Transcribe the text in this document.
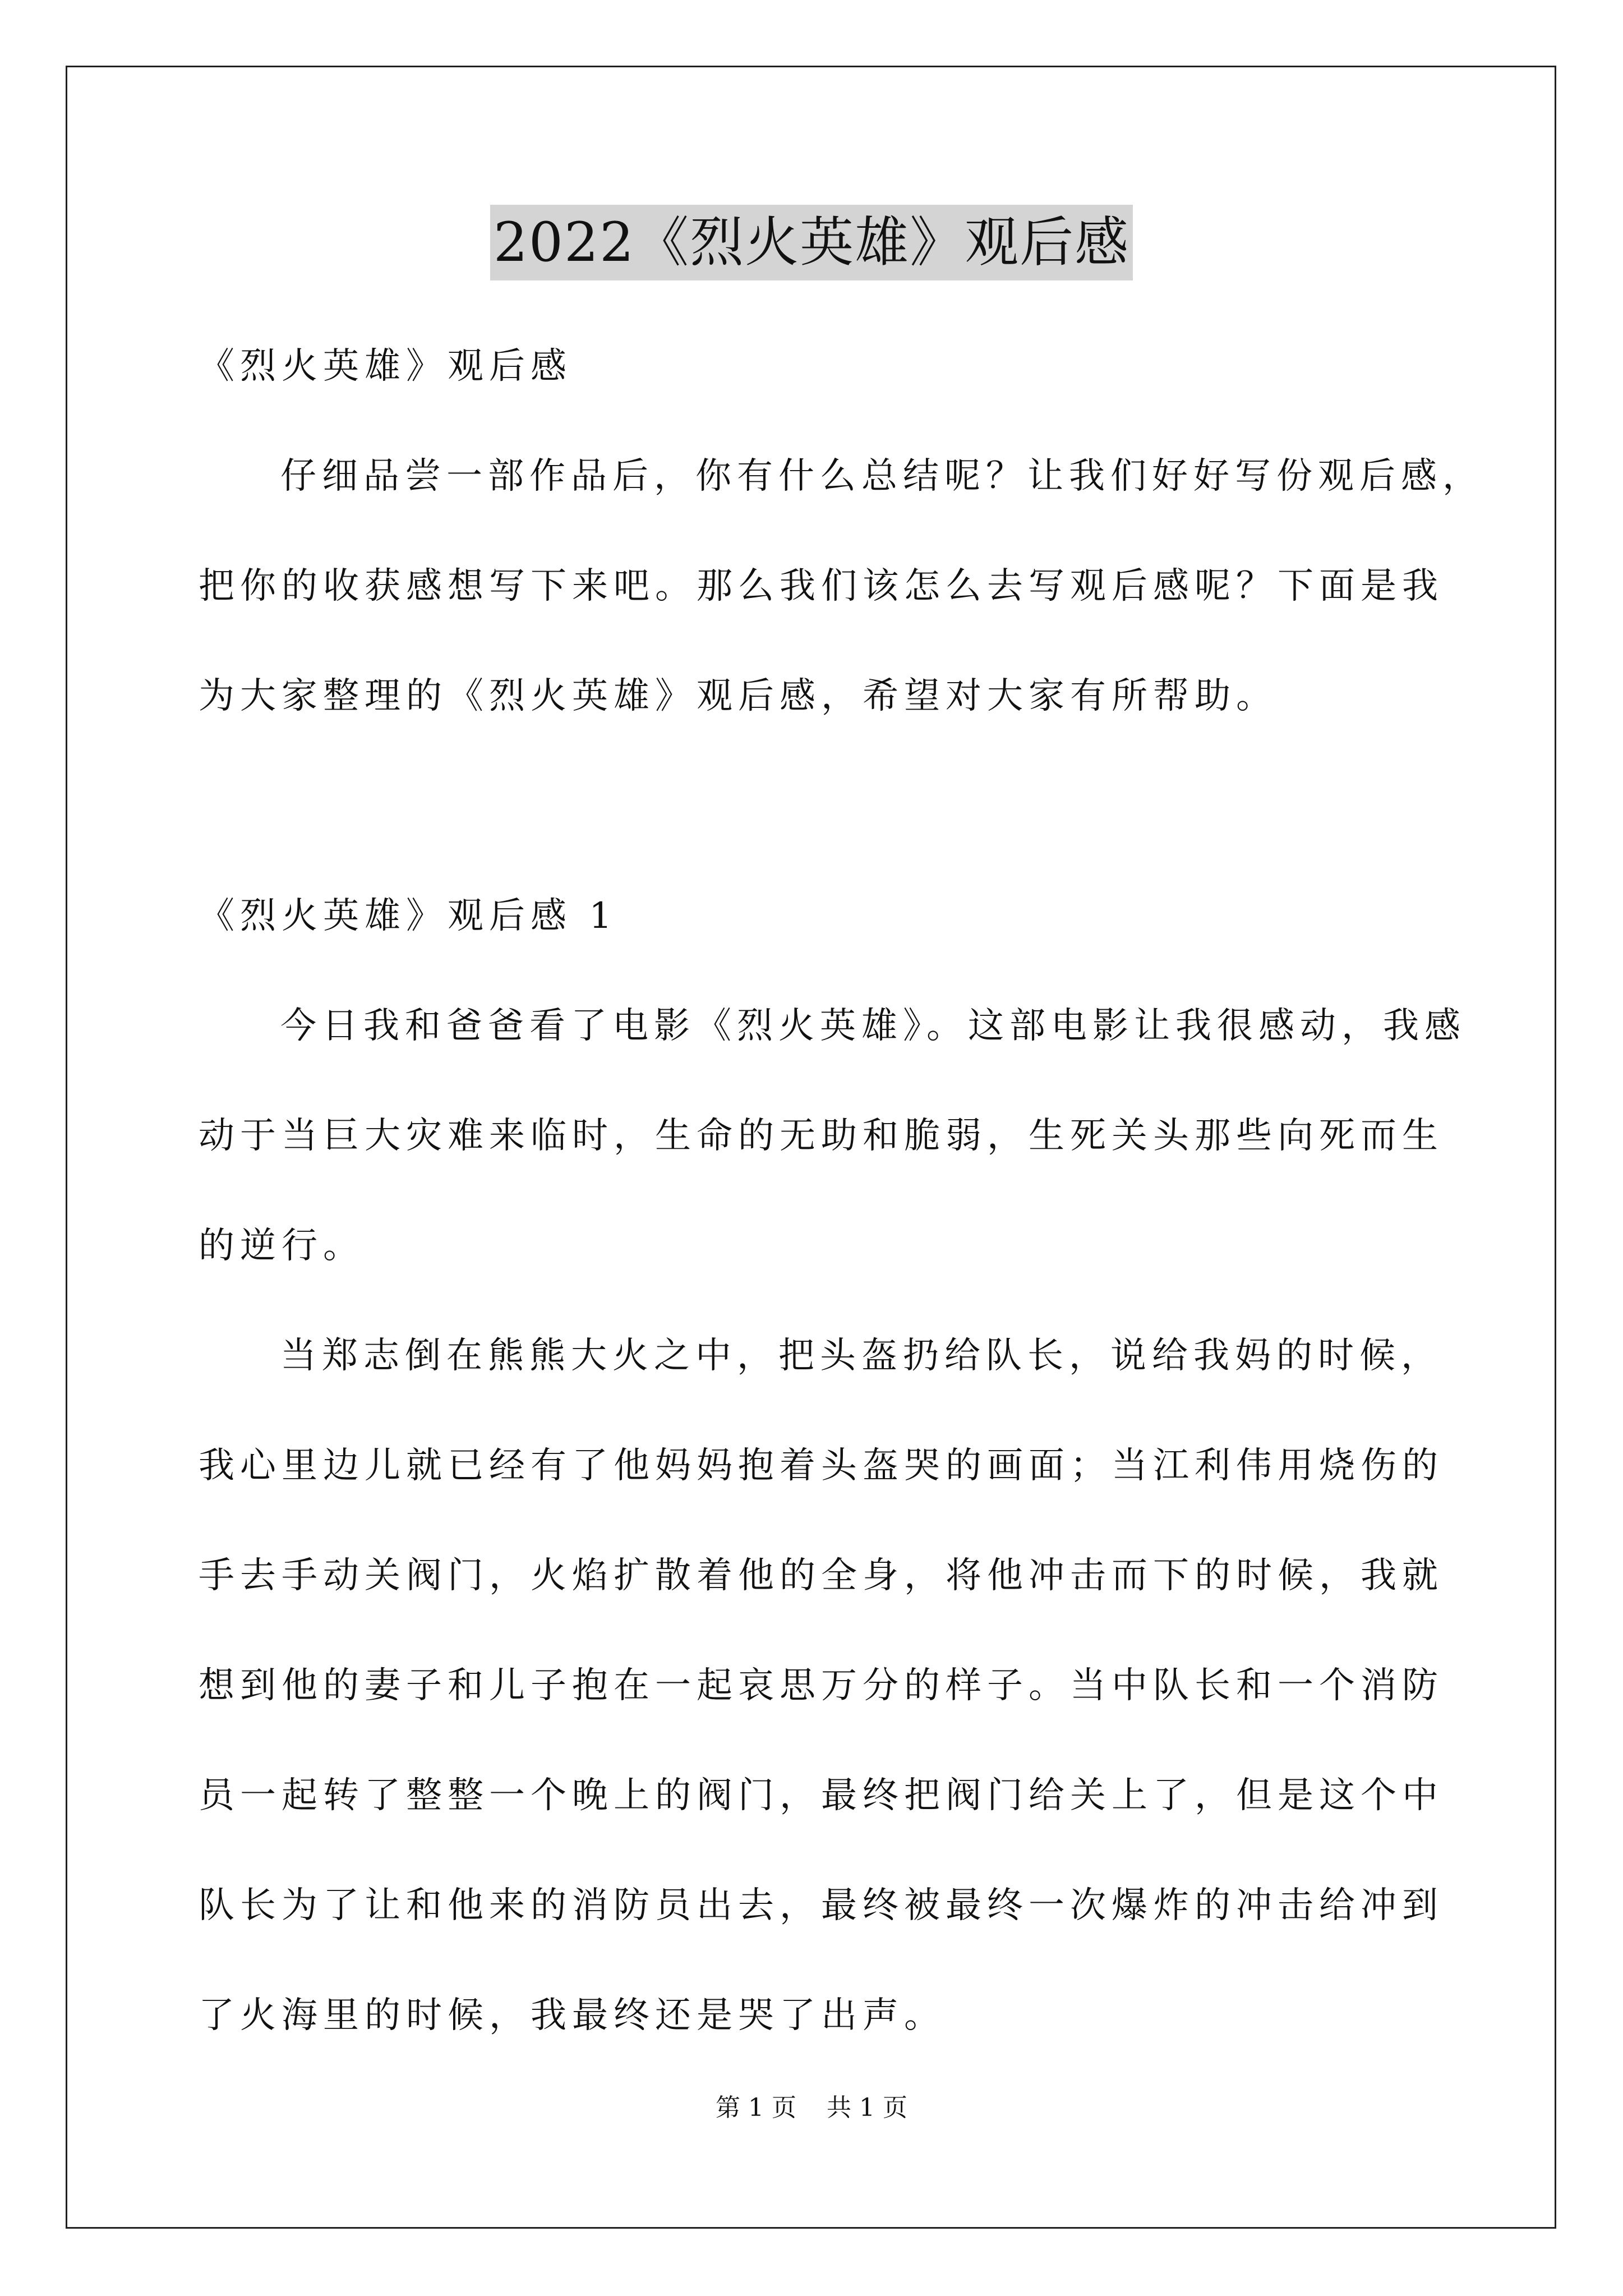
2022《烈火英雄》观后感
《烈火英雄》观后感
仔细品尝一部作品后，你有什么总结呢？让我们好好写份观后感，
把你的收获感想写下来吧。那么我们该怎么去写观后感呢？下面是我
为大家整理的《烈火英雄》观后感，希望对大家有所帮助。
《烈火英雄》观后感 1
今日我和爸爸看了电影《烈火英雄》。这部电影让我很感动，我感
动于当巨大灾难来临时，生命的无助和脆弱，生死关头那些向死而生
的逆行。
当郑志倒在熊熊大火之中，把头盔扔给队长，说给我妈的时候，
我心里边儿就已经有了他妈妈抱着头盔哭的画面；当江利伟用烧伤的
手去手动关阀门，火焰扩散着他的全身，将他冲击而下的时候，我就
想到他的妻子和儿子抱在一起哀思万分的样子。当中队长和一个消防
员一起转了整整一个晚上的阀门，最终把阀门给关上了，但是这个中
队长为了让和他来的消防员出去，最终被最终一次爆炸的冲击给冲到
了火海里的时候，我最终还是哭了出声。
第 1 页 共 1 页
